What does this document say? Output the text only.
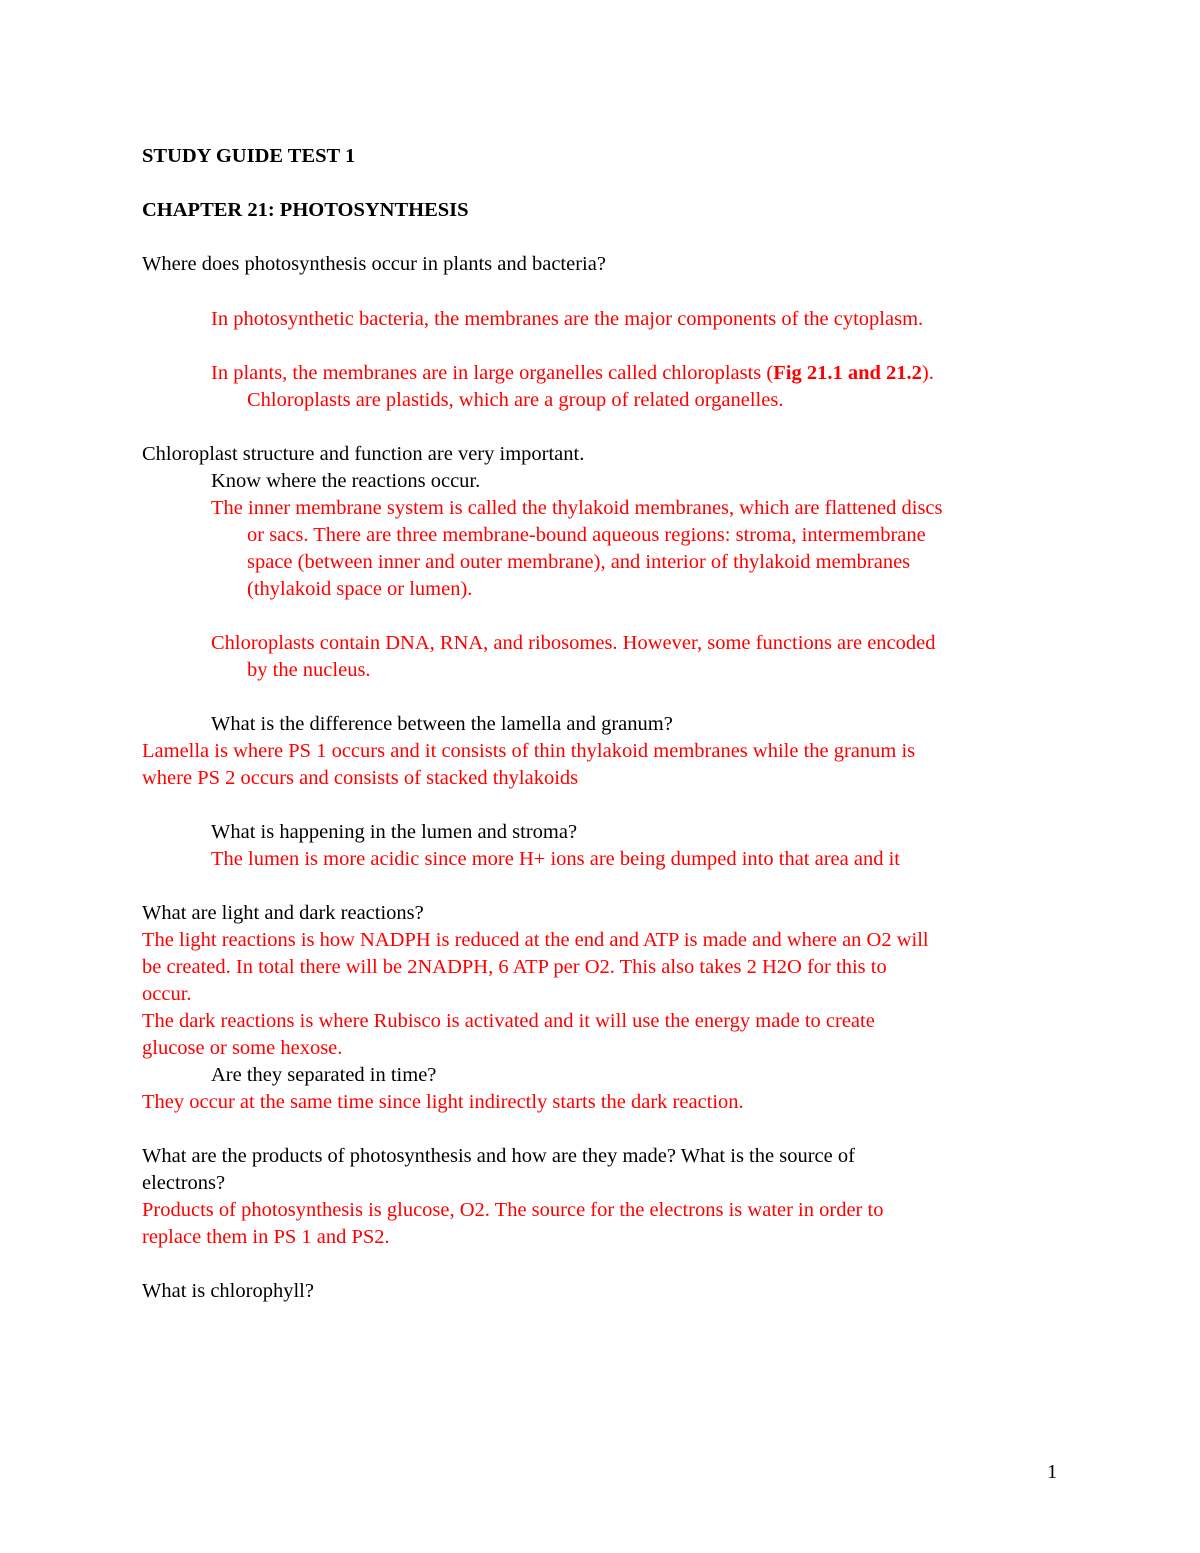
STUDY GUIDE TEST 1
CHAPTER 21: PHOTOSYNTHESIS
Where does photosynthesis occur in plants and bacteria?
In photosynthetic bacteria, the membranes are the major components of the cytoplasm.
In plants, the membranes are in large organelles called chloroplasts (Fig 21.1 and 21.2).
Chloroplasts are plastids, which are a group of related organelles.
Chloroplast structure and function are very important.
Know where the reactions occur.
The inner membrane system is called the thylakoid membranes, which are flattened discs
or sacs. There are three membrane-bound aqueous regions: stroma, intermembrane
space (between inner and outer membrane), and interior of thylakoid membranes
(thylakoid space or lumen).
Chloroplasts contain DNA, RNA, and ribosomes. However, some functions are encoded
by the nucleus.
What is the difference between the lamella and granum?
Lamella is where PS 1 occurs and it consists of thin thylakoid membranes while the granum is
where PS 2 occurs and consists of stacked thylakoids
What is happening in the lumen and stroma?
The lumen is more acidic since more H+ ions are being dumped into that area and it
What are light and dark reactions?
The light reactions is how NADPH is reduced at the end and ATP is made and where an O2 will
be created. In total there will be 2NADPH, 6 ATP per O2. This also takes 2 H2O for this to
occur.
The dark reactions is where Rubisco is activated and it will use the energy made to create
glucose or some hexose.
Are they separated in time?
They occur at the same time since light indirectly starts the dark reaction.
What are the products of photosynthesis and how are they made? What is the source of
electrons?
Products of photosynthesis is glucose, O2. The source for the electrons is water in order to
replace them in PS 1 and PS2.
What is chlorophyll?
1
